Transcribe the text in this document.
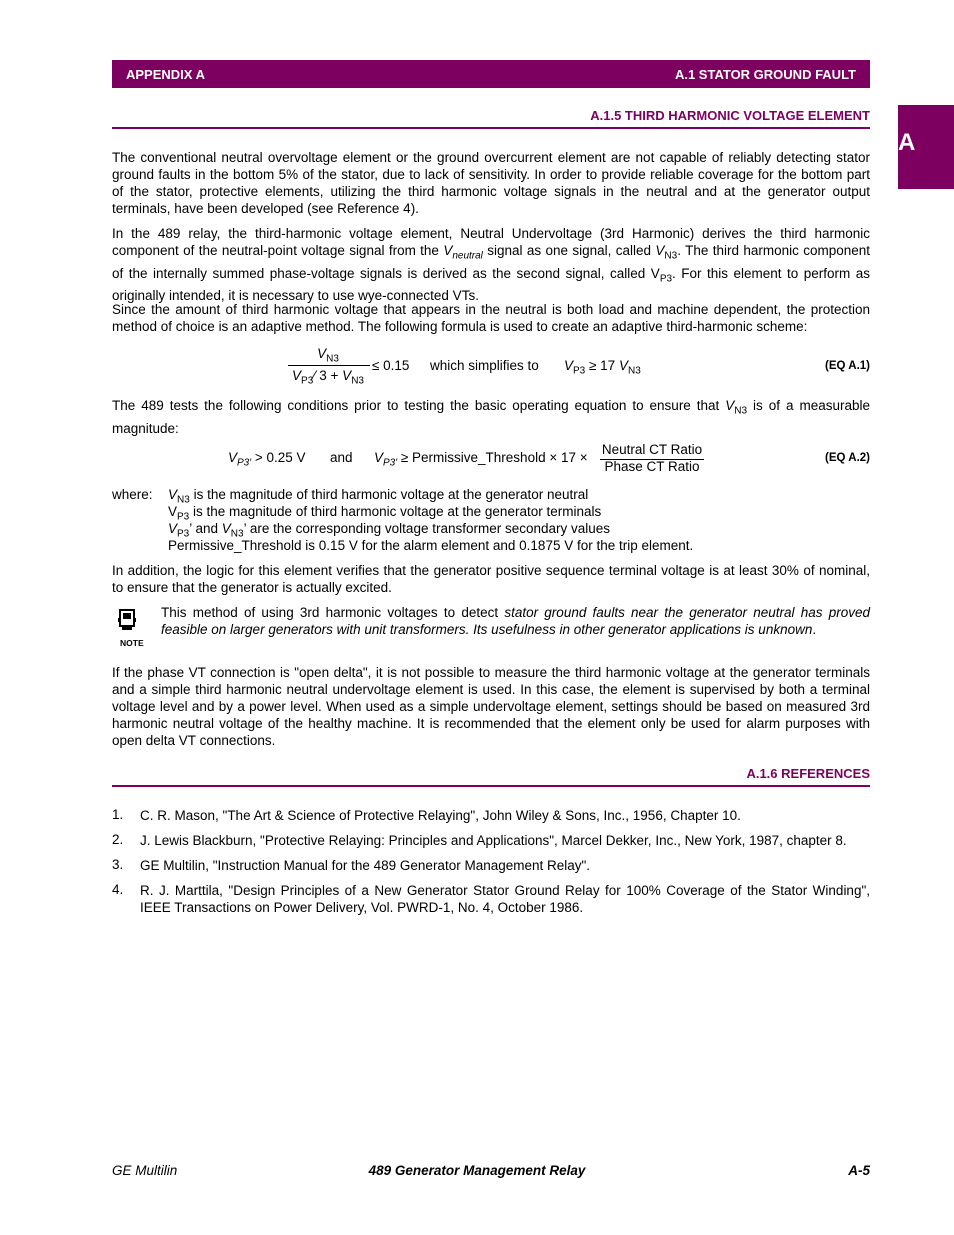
APPENDIX A	A.1 STATOR GROUND FAULT
A
A.1.5 THIRD HARMONIC VOLTAGE ELEMENT

The conventional neutral overvoltage element or the ground overcurrent element are not capable of reliably detecting stator ground faults in the bottom 5% of the stator, due to lack of sensitivity. In order to provide reliable coverage for the bottom part of the stator, protective elements, utilizing the third harmonic voltage signals in the neutral and at the generator output terminals, have been developed (see Reference 4).

In the 489 relay, the third-harmonic voltage element, Neutral Undervoltage (3rd Harmonic) derives the third harmonic component of the neutral-point voltage signal from the $V_{neutral}$ signal as one signal, called $V_{N3}$. The third harmonic component of the internally summed phase-voltage signals is derived as the second signal, called $V_{P3}$. For this element to perform as originally intended, it is necessary to use wye-connected VTs.

Since the amount of third harmonic voltage that appears in the neutral is both load and machine dependent, the protection method of choice is an adaptive method. The following formula is used to create an adaptive third-harmonic scheme:

$V_{N3}$
$V_{P3}⁄$ $3 + V_{N3}$
≤ 0.15 which simplifies to $V_{P3} \ge 17$ $V_{N3}$	(EQ A.1)

The 489 tests the following conditions prior to testing the basic operating equation to ensure that $V_{N3}$ is of a measurable magnitude:

$V_{P3'} > 0.25$ V and $V_{P3'}$ ≥ Permissive_Threshold × 17 ×
Neutral CT Ratio
Phase CT Ratio
(EQ A.2)
where: $V_{N3}$ is the magnitude of third harmonic voltage at the generator neutral
$V_{P3}$ is the magnitude of third harmonic voltage at the generator terminals
$V_{P3}$’ and $V_{N3}$’ are the corresponding voltage transformer secondary values
Permissive_Threshold is 0.15 V for the alarm element and 0.1875 V for the trip element.

In addition, the logic for this element verifies that the generator positive sequence terminal voltage is at least 30% of nominal, to ensure that the generator is actually excited.

NOTE

This method of using 3rd harmonic voltages to detect stator ground faults near the generator neutral has proved feasible on larger generators with unit transformers. Its usefulness in other generator applications is unknown.

If the phase VT connection is "open delta", it is not possible to measure the third harmonic voltage at the generator terminals and a simple third harmonic neutral undervoltage element is used. In this case, the element is supervised by both a terminal voltage level and by a power level. When used as a simple undervoltage element, settings should be based on measured 3rd harmonic neutral voltage of the healthy machine. It is recommended that the element only be used for alarm purposes with open delta VT connections.

A.1.6 REFERENCES
1. C. R. Mason, "The Art & Science of Protective Relaying", John Wiley & Sons, Inc., 1956, Chapter 10.

2. J. Lewis Blackburn, "Protective Relaying: Principles and Applications", Marcel Dekker, Inc., New York, 1987, chapter 8.

3. GE Multilin, "Instruction Manual for the 489 Generator Management Relay".

4. R. J. Marttila, "Design Principles of a New Generator Stator Ground Relay for 100% Coverage of the Stator Winding", IEEE Transactions on Power Delivery, Vol. PWRD-1, No. 4, October 1986.

GE Multilin	489 Generator Management Relay	A-5
